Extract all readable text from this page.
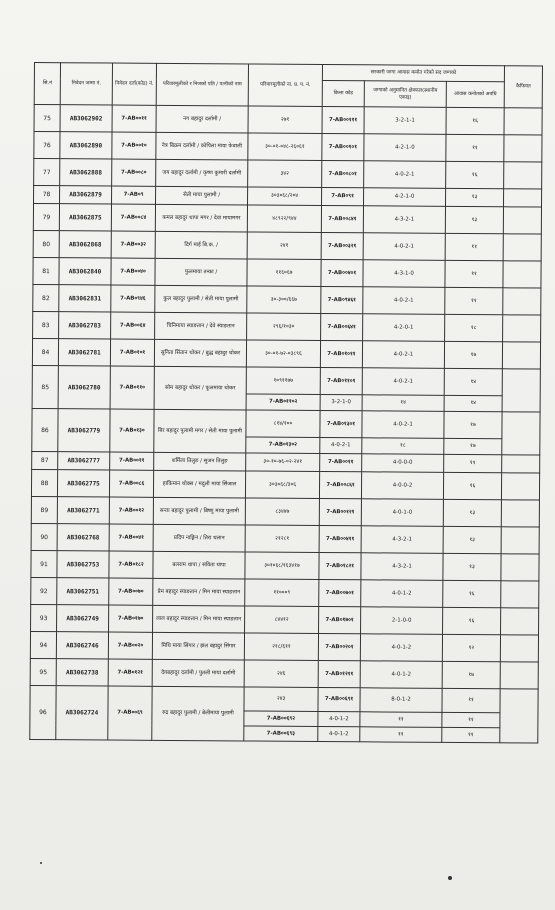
सि.नं	निवेदन जम्मा नं.	निवेदन दर्ता(कोड) नं.	परिवारमूलीको र निजको पति / पत्नीको नाम	परिवारमूलीको ना. प्र. प. नं.	सरकारी जग्गा आवास कमोत गरेको सद जग्गको			कैफियत
					कित्ता कोड	जग्गाको अनुमानित क्षेत्रफल(स्थानीय एकाइ)	आवास कनोतको अवधि	
75	AB3062902	7-AB००११	नग बहादुर दर्लामी /	२७१	7-AB००१११	3-2-1-1	१६	
76	AB3062890	7-AB००१०	नेत्र बिक्रम दर्लामी / कोपिला माया फेवाली	३०-०१-०४८-२६०६१	7-AB००१०१	4-2-1-0	११	
77	AB3062888	7-AB००८०	जय बहादुर दर्लामी / कृष्ण कुमारी दर्लामी	३४२	7-AB००८०१	4-0-2-1	१६	
78	AB3062879	7-AB०९	सेती माया पुलामी /	३०३०६८/२०४	7-AB०९१	4-2-1-0	१३	
79	AB3062875	7-AB००८४	कमल बहादुर थापा मगर / देवा मायामगर	४८९२२/९४४	7-AB००८४१	4-3-2-1	१३	
80	AB3062868	7-AB००३२	दिर्ग माई बि.क. /	२४१	7-AB००३२१	4-0-2-1	११	
81	AB3062840	7-AB००४०	फुलमाया तन्का /	११६०६७	7-AB००४०१	4-3-1-0	११	
82	AB3062831	7-AB०९४६	कुल बहादुर पुलामी / सेती माया पुलामी	३०-३००/६६७	7-AB०९४६१	4-0-2-1	११	
83	AB3062783	7-AB००६४	चिनिमाया स्याङतान / देवे स्याङतान	२९६/१०३०	7-AB००६४१	4-2-0-1	१८	
84	AB3062781	7-AB०१०१	सुनिता सिंतान थोकर / बुद्ध बहादुर थोकर	३०-०१-७२-०३८९६	7-AB०१०११	4-0-2-1	१७	
85	AB3062780	7-AB०११०	सोम बहादुर थोकर / फूलमाया थोकर	१०९११७७	7-AB०११०१	4-0-2-1	१४	
				7-AB०११०२	3-2-1-0	१४	१४	
86	AB3062779	7-AB०१३०	बिर बहादुर पुलामी मगर / सेती माया पुलामी	८१४/१००	7-AB०१३०१	4-0-2-1	१७	
				7-AB०१३०२	4-0-2-1	१८	१७	
87	AB3062777	7-AB००११	शर्मिला तिलुङ / सुजन तिलुङ	३०-१०-७६-०२-२४१	7-AB००११	4-0-0-0	११	
88	AB3062775	7-AB००८६	हाकिमान थोक्स / मदुली माया सिंजाल	३०३०६८/३०६	7-AB००८६१	4-0-0-2	१६	
89	AB3062771	7-AB००१२	सन्ता बहादुर पुलामी / बिष्णु माया पुलामी	८३४४७	7-AB००१२१	4-0-1-0	१३	
90	AB3062768	7-AB००४१	प्रदिप नाङ्गिन / तिरा थलान	२१२८१	7-AB००४११	4-3-2-1	१३	
91	AB3062753	7-AB०१८२	बलराम थापा / सविता थापा	३०१०६८/१६३४१७	7-AB०१८२१	4-3-2-1	१३	
92	AB3062751	7-AB००७०	प्रेम बहादुर स्याङतान / मिन माया स्याङतान	११०००९	7-AB००७०१	4-0-1-2	१६	
93	AB3062749	7-AB०१७०	लाल बहादुर स्याङतान / मिन माया स्याङतान	८४४१२	7-AB०१७०१	2-1-0-0	१६	
94	AB3062746	7-AB००२०	मिथि माया सिंगार / झल बहादुर सिंगार	२१८/६११	7-AB००२०१	4-0-1-2	१२	
95	AB3062738	7-AB०१२१	देवबहादुर दर्लामी / पुतली माया दर्लामी	२४६	7-AB०१२११	4-0-1-2	१७	
96	AB3062724	7-AB००६९	रुद्र बहादुर पुलामी / बेलीमाया पुलामी	२४३	7-AB००६९१	8-0-1-2	११	
				7-AB००६९२	4-0-1-2	११	११	
				7-AB००६९३	4-0-1-2	११	११	
